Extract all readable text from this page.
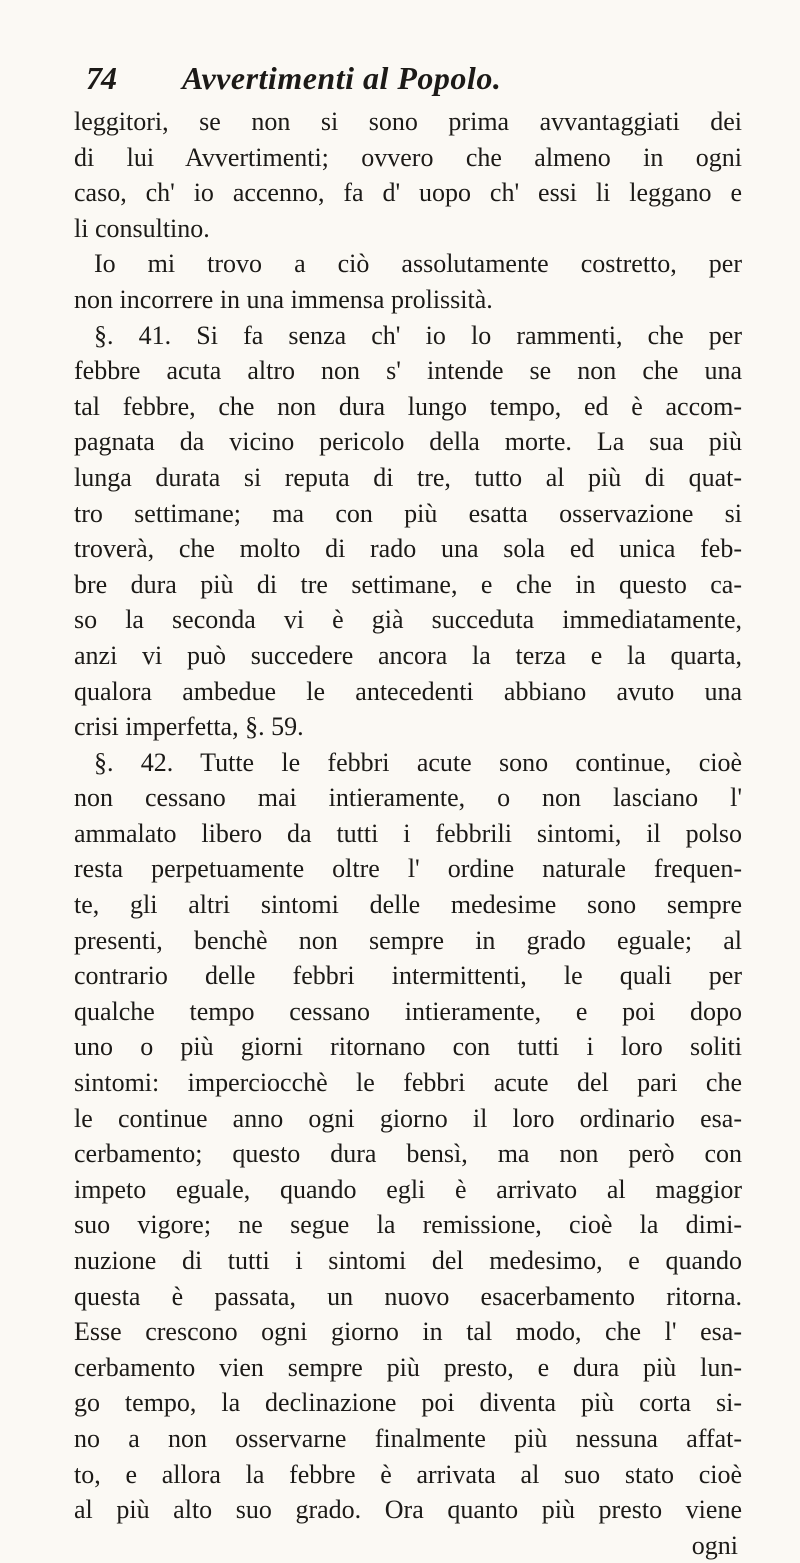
74 Avvertimenti al Popolo.
leggitori, se non si sono prima avvantaggiati dei
di lui Avvertimenti; ovvero che almeno in ogni
caso, ch' io accenno, fa d' uopo ch' essi li leggano e
li consultino.
Io mi trovo a ciò assolutamente costretto, per
non incorrere in una immensa prolissità.
§. 41. Si fa senza ch' io lo rammenti, che per
febbre acuta altro non s' intende se non che una
tal febbre, che non dura lungo tempo, ed è accom-
pagnata da vicino pericolo della morte. La sua più
lunga durata si reputa di tre, tutto al più di quat-
tro settimane; ma con più esatta osservazione si
troverà, che molto di rado una sola ed unica feb-
bre dura più di tre settimane, e che in questo ca-
so la seconda vi è già succeduta immediatamente,
anzi vi può succedere ancora la terza e la quarta,
qualora ambedue le antecedenti abbiano avuto una
crisi imperfetta, §. 59.
§. 42. Tutte le febbri acute sono continue, cioè
non cessano mai intieramente, o non lasciano l'
ammalato libero da tutti i febbrili sintomi, il polso
resta perpetuamente oltre l' ordine naturale frequen-
te, gli altri sintomi delle medesime sono sempre
presenti, benchè non sempre in grado eguale; al
contrario delle febbri intermittenti, le quali per
qualche tempo cessano intieramente, e poi dopo
uno o più giorni ritornano con tutti i loro soliti
sintomi: imperciocchè le febbri acute del pari che
le continue anno ogni giorno il loro ordinario esa-
cerbamento; questo dura bensì, ma non però con
impeto eguale, quando egli è arrivato al maggior
suo vigore; ne segue la remissione, cioè la dimi-
nuzione di tutti i sintomi del medesimo, e quando
questa è passata, un nuovo esacerbamento ritorna.
Esse crescono ogni giorno in tal modo, che l' esa-
cerbamento vien sempre più presto, e dura più lun-
go tempo, la declinazione poi diventa più corta si-
no a non osservarne finalmente più nessuna affat-
to, e allora la febbre è arrivata al suo stato cioè
al più alto suo grado. Ora quanto più presto viene
ogni
